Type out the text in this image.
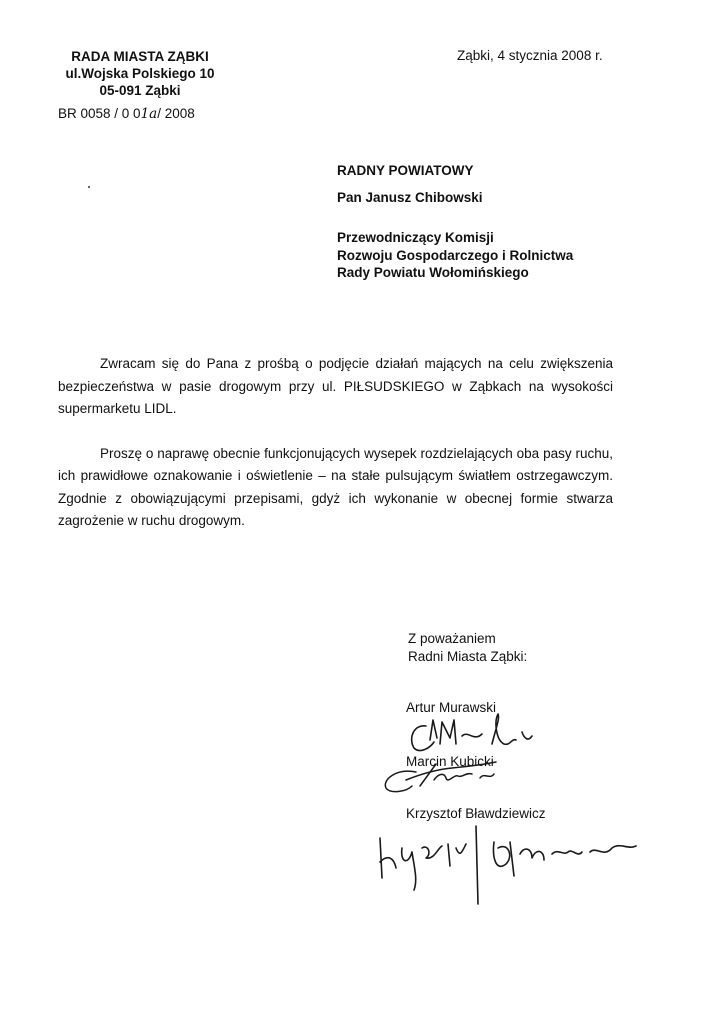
RADA MIASTA ZĄBKI
ul.Wojska Polskiego 10
05-091 Ząbki
BR 0058 / 0 01a/ 2008
Ząbki, 4 stycznia 2008 r.
RADNY POWIATOWY
Pan Janusz Chibowski
Przewodniczący Komisji
Rozwoju Gospodarczego i Rolnictwa
Rady Powiatu Wołomińskiego

Zwracam się do Pana z prośbą o podjęcie działań mających na celu zwiększenia bezpieczeństwa w pasie drogowym przy ul. PIŁSUDSKIEGO w Ząbkach na wysokości supermarketu LIDL.

Proszę o naprawę obecnie funkcjonujących wysepek rozdzielających oba pasy ruchu, ich prawidłowe oznakowanie i oświetlenie – na stałe pulsującym światłem ostrzegawczym. Zgodnie z obowiązującymi przepisami, gdyż ich wykonanie w obecnej formie stwarza zagrożenie w ruchu drogowym.

Z poważaniem
Radni Miasta Ząbki:
Artur Murawski
Marcin Kubicki
Krzysztof Bławdziewicz
